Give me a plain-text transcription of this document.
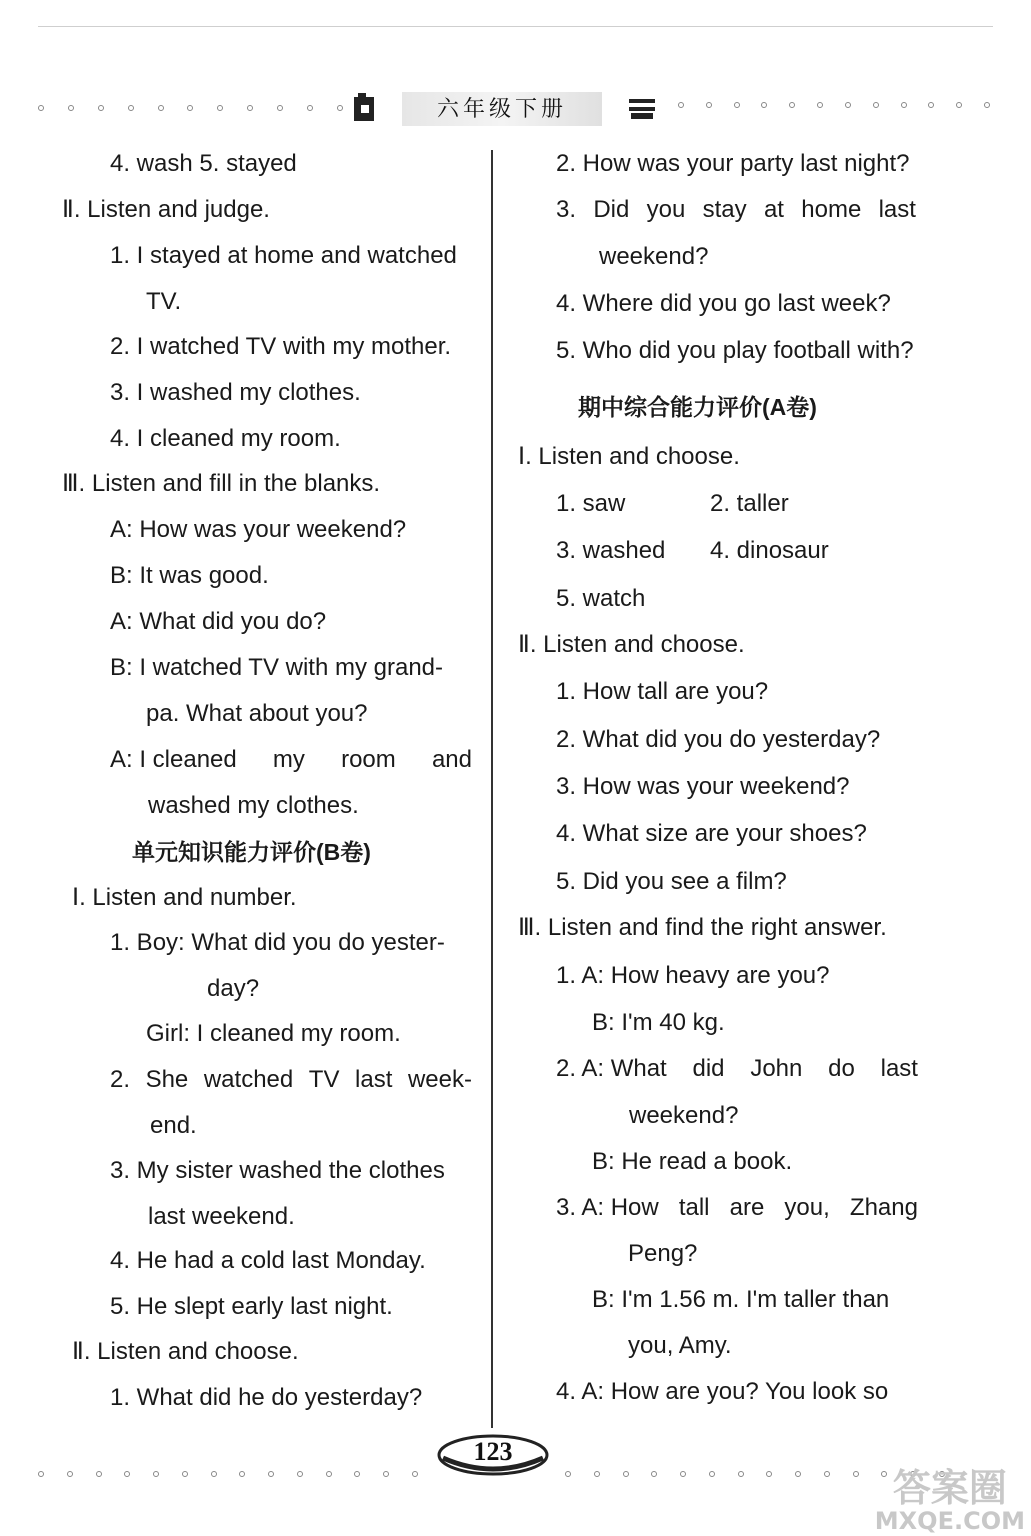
六年级下册
4. wash 5. stayed
Ⅱ. Listen and judge.
1. I stayed at home and watched
TV.
2. I watched TV with my mother.
3. I washed my clothes.
4. I cleaned my room.
Ⅲ. Listen and fill in the blanks.
A: How was your weekend?
B: It was good.
A: What did you do?
B: I watched TV with my grand-
pa. What about you?
A: I cleaned my room and
washed my clothes.
单元知识能力评价(B卷)
Ⅰ. Listen and number.
1. Boy: What did you do yester-
day?
Girl: I cleaned my room.
2. She watched TV last week-
end.
3. My sister washed the clothes
last weekend.
4. He had a cold last Monday.
5. He slept early last night.
Ⅱ. Listen and choose.
1. What did he do yesterday?
2. How was your party last night?
3. Did you stay at home last
weekend?
4. Where did you go last week?
5. Who did you play football with?
期中综合能力评价(A卷)
Ⅰ. Listen and choose.
1. saw	2. taller
3. washed 4. dinosaur
5. watch
Ⅱ. Listen and choose.
1. How tall are you?
2. What did you do yesterday?
3. How was your weekend?
4. What size are your shoes?
5. Did you see a film?
Ⅲ. Listen and find the right answer.
1. A: How heavy are you?
B: I'm 40 kg.
2. A: What did John do last
weekend?
B: He read a book.
3. A: How tall are you, Zhang
Peng?
B: I'm 1.56 m. I'm taller than
you, Amy.
4. A: How are you? You look so
123
答案圈
MXQE.COM
